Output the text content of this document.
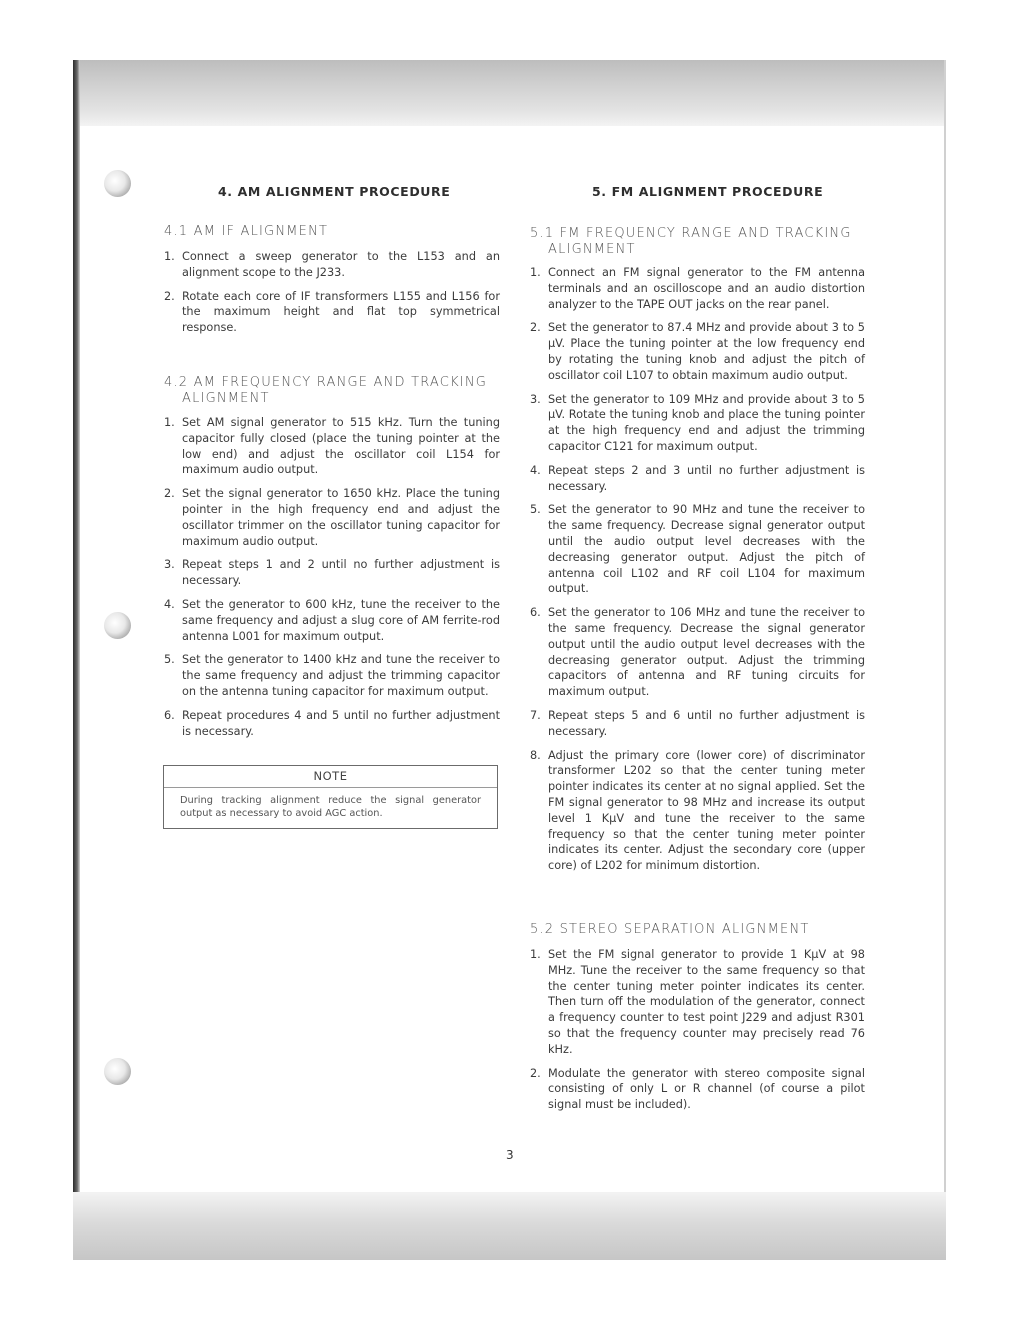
4. AM ALIGNMENT PROCEDURE
4.1 AM IF ALIGNMENT
1. Connect a sweep generator to the L153 and an alignment scope to the J233.
2. Rotate each core of IF transformers L155 and L156 for the maximum height and flat top symmetrical response.
4.2 AM FREQUENCY RANGE AND TRACKING
ALIGNMENT
1. Set AM signal generator to 515 kHz. Turn the tuning capacitor fully closed (place the tuning pointer at the low end) and adjust the oscillator coil L154 for maximum audio output.
2. Set the signal generator to 1650 kHz. Place the tuning pointer in the high frequency end and adjust the oscillator trimmer on the oscillator tuning capacitor for maximum audio output.
3. Repeat steps 1 and 2 until no further adjustment is necessary.
4. Set the generator to 600 kHz, tune the receiver to the same frequency and adjust a slug core of AM ferrite-rod antenna L001 for maximum output.
5. Set the generator to 1400 kHz and tune the receiver to the same frequency and adjust the trimming capacitor on the antenna tuning capacitor for maximum output.
6. Repeat procedures 4 and 5 until no further adjustment is necessary.
NOTE
During tracking alignment reduce the signal generator output as necessary to avoid AGC action.
5. FM ALIGNMENT PROCEDURE
5.1 FM FREQUENCY RANGE AND TRACKING
ALIGNMENT
1. Connect an FM signal generator to the FM antenna terminals and an oscilloscope and an audio distortion analyzer to the TAPE OUT jacks on the rear panel.
2. Set the generator to 87.4 MHz and provide about 3 to 5 µV. Place the tuning pointer at the low frequency end by rotating the tuning knob and adjust the pitch of oscillator coil L107 to obtain maximum audio output.
3. Set the generator to 109 MHz and provide about 3 to 5 µV. Rotate the tuning knob and place the tuning pointer at the high frequency end and adjust the trimming capacitor C121 for maximum output.
4. Repeat steps 2 and 3 until no further adjustment is necessary.
5. Set the generator to 90 MHz and tune the receiver to the same frequency. Decrease signal generator output until the audio output level decreases with the decreasing generator output. Adjust the pitch of antenna coil L102 and RF coil L104 for maximum output.
6. Set the generator to 106 MHz and tune the receiver to the same frequency. Decrease the signal generator output until the audio output level decreases with the decreasing generator output. Adjust the trimming capacitors of antenna and RF tuning circuits for maximum output.
7. Repeat steps 5 and 6 until no further adjustment is necessary.
8. Adjust the primary core (lower core) of discriminator transformer L202 so that the center tuning meter pointer indicates its center at no signal applied. Set the FM signal generator to 98 MHz and increase its output level 1 KµV and tune the receiver to the same frequency so that the center tuning meter pointer indicates its center. Adjust the secondary core (upper core) of L202 for minimum distortion.
5.2 STEREO SEPARATION ALIGNMENT
1. Set the FM signal generator to provide 1 KµV at 98 MHz. Tune the receiver to the same frequency so that the center tuning meter pointer indicates its center. Then turn off the modulation of the generator, connect a frequency counter to test point J229 and adjust R301 so that the frequency counter may precisely read 76 kHz.
2. Modulate the generator with stereo composite signal consisting of only L or R channel (of course a pilot signal must be included).
3
